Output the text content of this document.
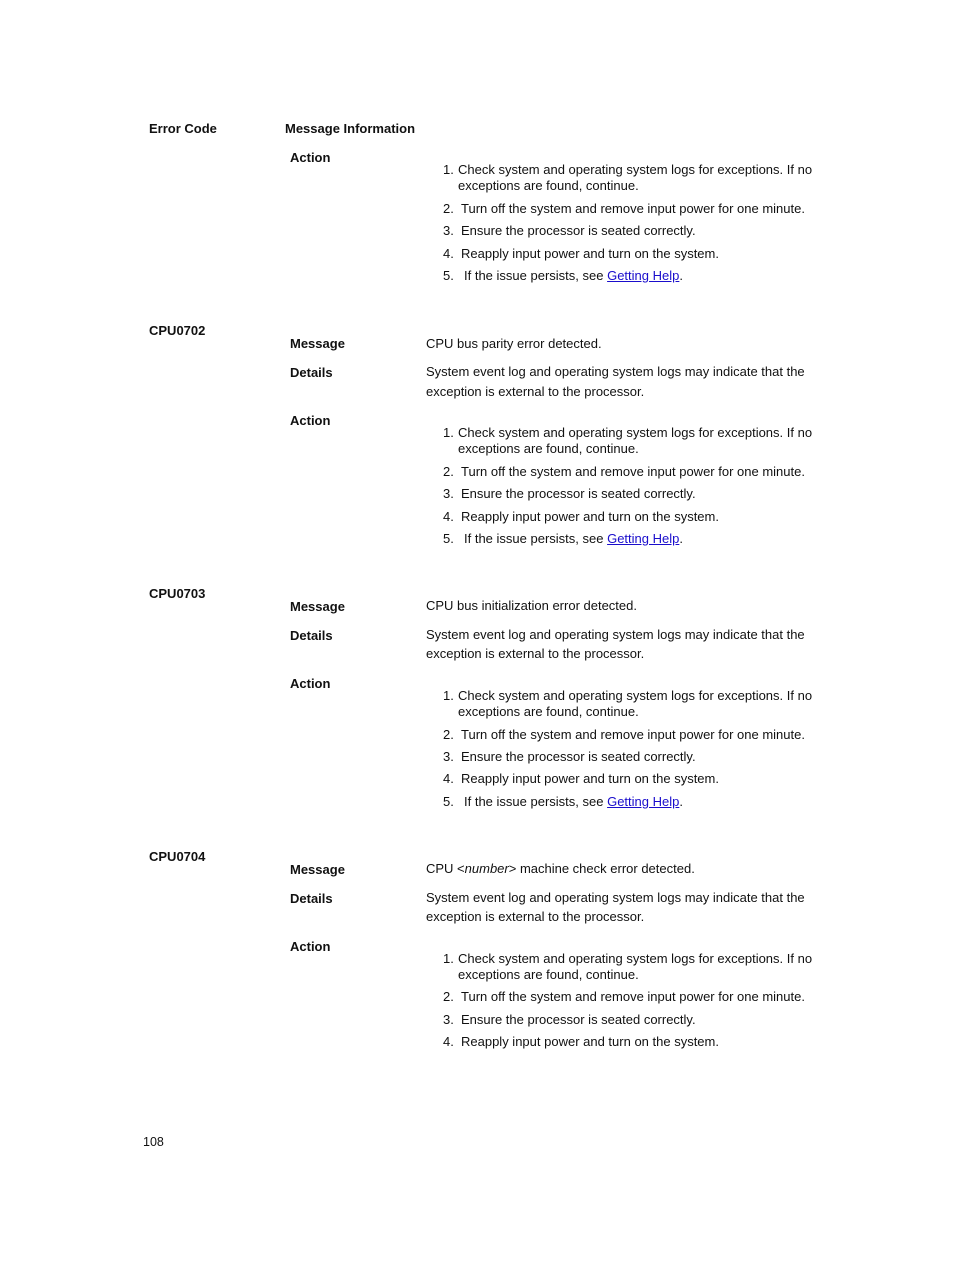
Error Code	Message Information
Action
1. Check system and operating system logs for exceptions. If no
exceptions are found, continue.
2. Turn off the system and remove input power for one minute.
3. Ensure the processor is seated correctly.
4. Reapply input power and turn on the system.
5. If the issue persists, see Getting Help.
CPU0702
Message	CPU bus parity error detected.
Details	System event log and operating system logs may indicate that the
exception is external to the processor.
Action
1. Check system and operating system logs for exceptions. If no
exceptions are found, continue.
2. Turn off the system and remove input power for one minute.
3. Ensure the processor is seated correctly.
4. Reapply input power and turn on the system.
5. If the issue persists, see Getting Help.
CPU0703
Message	CPU bus initialization error detected.
Details	System event log and operating system logs may indicate that the
exception is external to the processor.
Action
1. Check system and operating system logs for exceptions. If no
exceptions are found, continue.
2. Turn off the system and remove input power for one minute.
3. Ensure the processor is seated correctly.
4. Reapply input power and turn on the system.
5. If the issue persists, see Getting Help.
CPU0704
Message	CPU <number> machine check error detected.
Details	System event log and operating system logs may indicate that the
exception is external to the processor.
Action
1. Check system and operating system logs for exceptions. If no
exceptions are found, continue.
2. Turn off the system and remove input power for one minute.
3. Ensure the processor is seated correctly.
4. Reapply input power and turn on the system.
108
